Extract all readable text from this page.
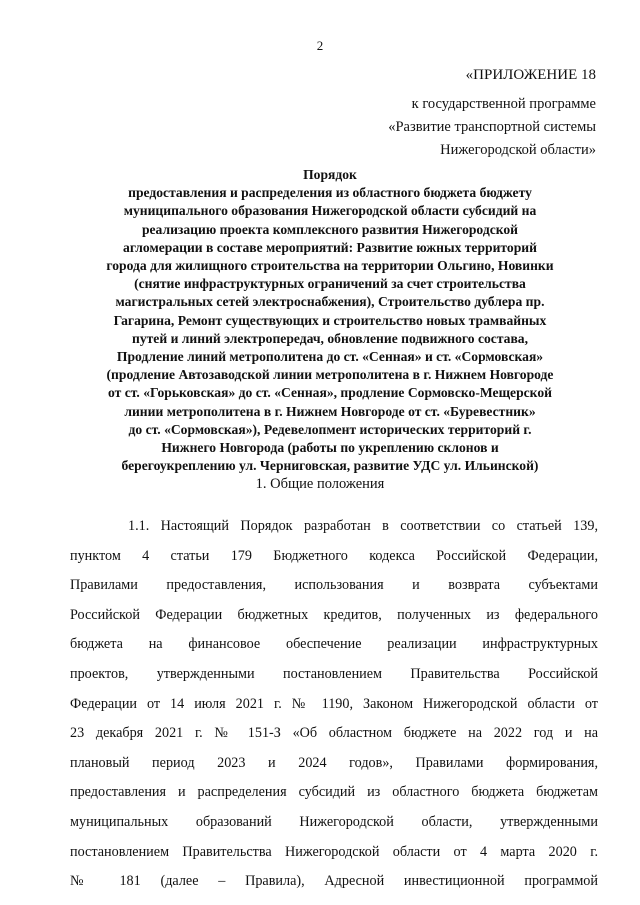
2
«ПРИЛОЖЕНИЕ 18
к государственной программе
«Развитие транспортной системы
Нижегородской области»
Порядок
предоставления и распределения из областного бюджета бюджету
муниципального образования Нижегородской области субсидий на
реализацию проекта комплексного развития Нижегородской
агломерации в составе мероприятий: Развитие южных территорий
города для жилищного строительства на территории Ольгино, Новинки
(снятие инфраструктурных ограничений за счет строительства
магистральных сетей электроснабжения), Строительство дублера пр.
Гагарина, Ремонт существующих и строительство новых трамвайных
путей и линий электропередач, обновление подвижного состава,
Продление линий метрополитена до ст. «Сенная» и ст. «Сормовская»
(продление Автозаводской линии метрополитена в г. Нижнем Новгороде
от ст. «Горьковская» до ст. «Сенная», продление Сормовско-Мещерской
линии метрополитена в г. Нижнем Новгороде от ст. «Буревестник»
до ст. «Сормовская»), Редевелопмент исторических территорий г.
Нижнего Новгорода (работы по укреплению склонов и
берегоукреплению ул. Черниговская, развитие УДС ул. Ильинской)
1. Общие положения
1.1. Настоящий Порядок разработан в соответствии со статьей 139,
пунктом 4 статьи 179 Бюджетного кодекса Российской Федерации,
Правилами предоставления, использования и возврата субъектами
Российской Федерации бюджетных кредитов, полученных из федерального
бюджета на финансовое обеспечение реализации инфраструктурных
проектов, утвержденными постановлением Правительства Российской
Федерации от 14 июля 2021 г. № 1190, Законом Нижегородской области от
23 декабря 2021 г. № 151-З «Об областном бюджете на 2022 год и на
плановый период 2023 и 2024 годов», Правилами формирования,
предоставления и распределения субсидий из областного бюджета бюджетам
муниципальных образований Нижегородской области, утвержденными
постановлением Правительства Нижегородской области от 4 марта 2020 г.
№ 181 (далее – Правила), Адресной инвестиционной программой
